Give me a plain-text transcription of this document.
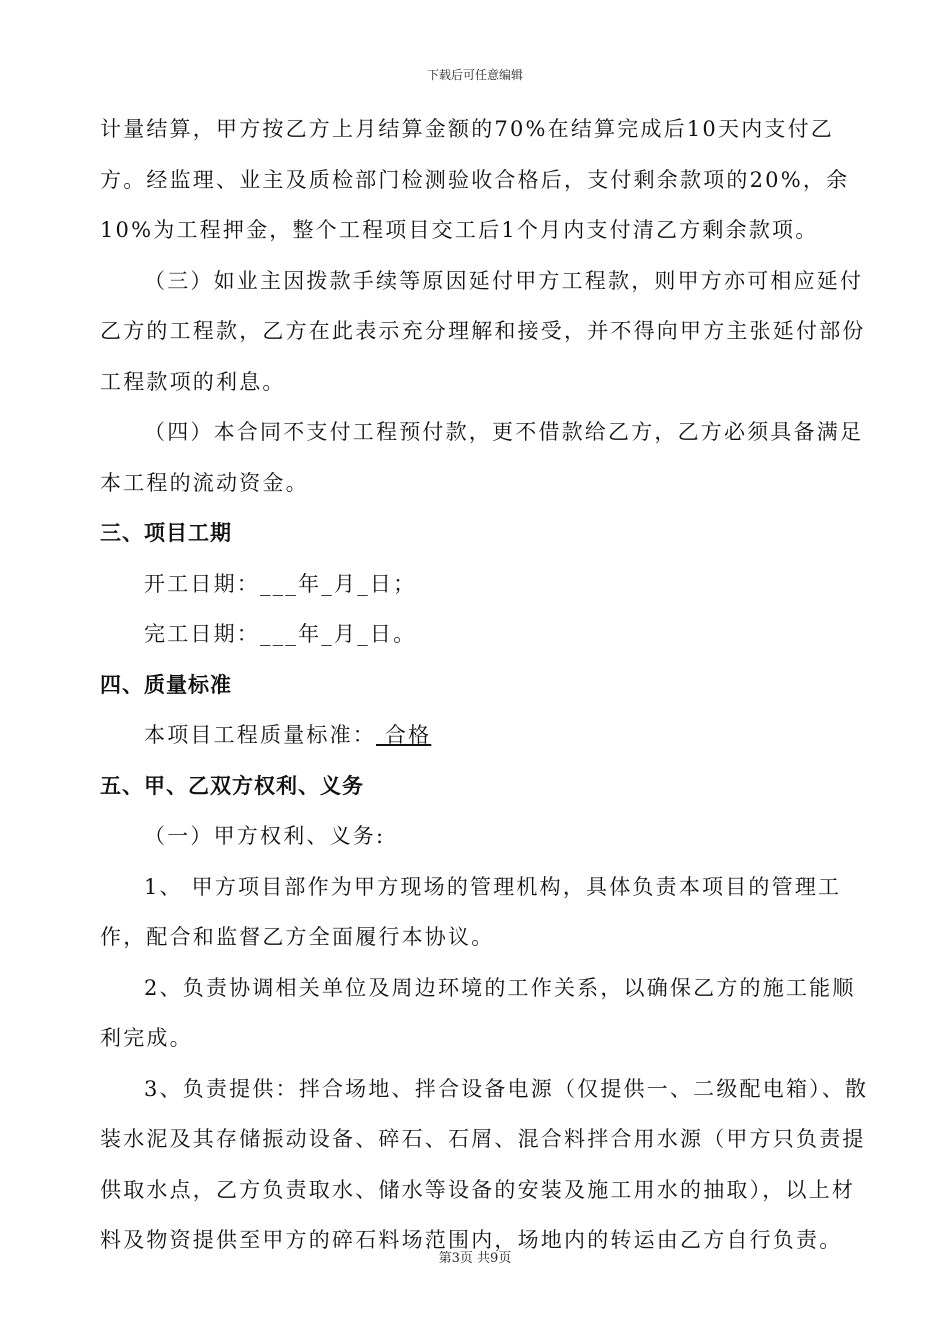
下载后可任意编辑

计量结算，甲方按乙方上月结算金额的70%在结算完成后10天内支付乙方。经监理、业主及质检部门检测验收合格后，支付剩余款项的20%，余10%为工程押金，整个工程项目交工后1个月内支付清乙方剩余款项。

（三）如业主因拨款手续等原因延付甲方工程款，则甲方亦可相应延付乙方的工程款，乙方在此表示充分理解和接受，并不得向甲方主张延付部份工程款项的利息。

（四）本合同不支付工程预付款，更不借款给乙方，乙方必须具备满足本工程的流动资金。

三、项目工期

开工日期：___年_月_日；

完工日期：___年_月_日。

四、质量标准

本项目工程质量标准： 合格

五、甲、乙双方权利、义务

（一）甲方权利、义务:

1、 甲方项目部作为甲方现场的管理机构，具体负责本项目的管理工作，配合和监督乙方全面履行本协议。

2、负责协调相关单位及周边环境的工作关系，以确保乙方的施工能顺利完成。

3、负责提供：拌合场地、拌合设备电源（仅提供一、二级配电箱）、散装水泥及其存储振动设备、碎石、石屑、混合料拌合用水源（甲方只负责提供取水点，乙方负责取水、储水等设备的安装及施工用水的抽取），以上材料及物资提供至甲方的碎石料场范围内，场地内的转运由乙方自行负责。

第3页 共9页
